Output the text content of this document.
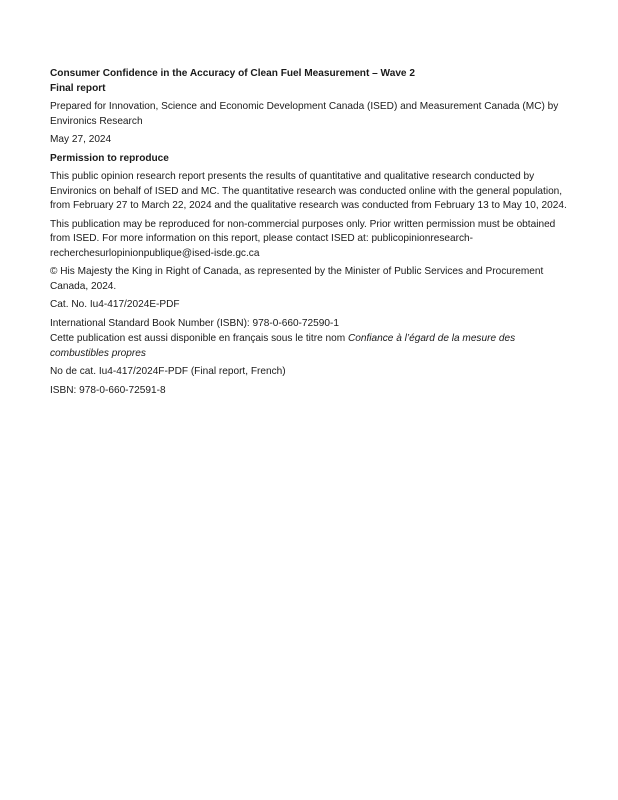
Consumer Confidence in the Accuracy of Clean Fuel Measurement – Wave 2

Final report

Prepared for Innovation, Science and Economic Development Canada (ISED) and Measurement Canada (MC) by Environics Research

May 27, 2024

Permission to reproduce

This public opinion research report presents the results of quantitative and qualitative research conducted by Environics on behalf of ISED and MC. The quantitative research was conducted online with the general population, from February 27 to March 22, 2024 and the qualitative research was conducted from February 13 to May 10, 2024.

This publication may be reproduced for non-commercial purposes only. Prior written permission must be obtained from ISED. For more information on this report, please contact ISED at: publicopinionresearch-recherchesurlopinionpublique@ised-isde.gc.ca

© His Majesty the King in Right of Canada, as represented by the Minister of Public Services and Procurement Canada, 2024.

Cat. No. Iu4-417/2024E-PDF

International Standard Book Number (ISBN): 978-0-660-72590-1

Cette publication est aussi disponible en français sous le titre nom Confiance à l’égard de la mesure des combustibles propres

No de cat. Iu4-417/2024F-PDF (Final report, French)

ISBN: 978-0-660-72591-8
